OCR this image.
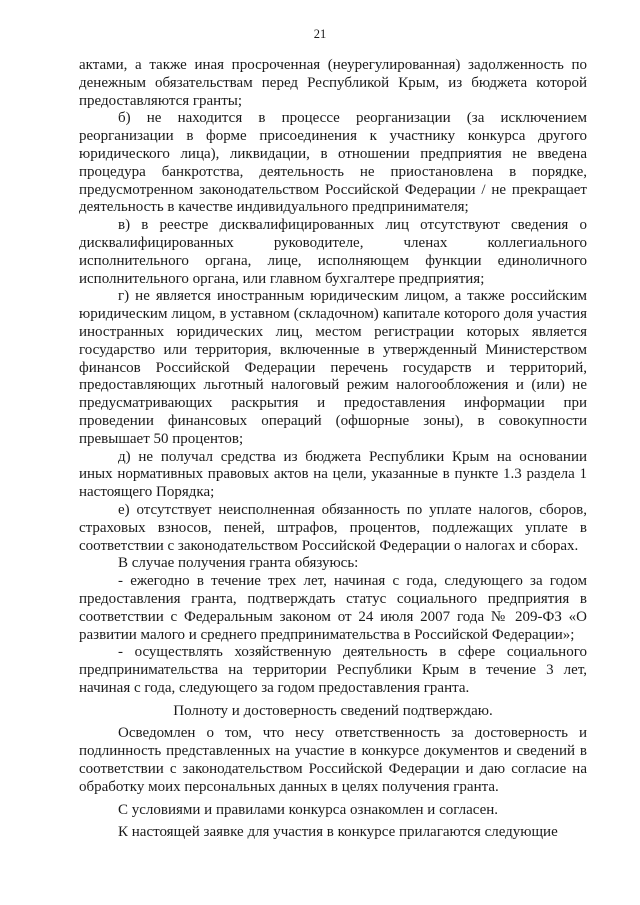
21

актами, а также иная просроченная (неурегулированная) задолженность по денежным обязательствам перед Республикой Крым, из бюджета которой предоставляются гранты;

б) не находится в процессе реорганизации (за исключением реорганизации в форме присоединения к участнику конкурса другого юридического лица), ликвидации, в отношении предприятия не введена процедура банкротства, деятельность не приостановлена в порядке, предусмотренном законодательством Российской Федерации / не прекращает деятельность в качестве индивидуального предпринимателя;

в) в реестре дисквалифицированных лиц отсутствуют сведения о дисквалифицированных руководителе, членах коллегиального исполнительного органа, лице, исполняющем функции единоличного исполнительного органа, или главном бухгалтере предприятия;

г) не является иностранным юридическим лицом, а также российским юридическим лицом, в уставном (складочном) капитале которого доля участия иностранных юридических лиц, местом регистрации которых является государство или территория, включенные в утвержденный Министерством финансов Российской Федерации перечень государств и территорий, предоставляющих льготный налоговый режим налогообложения и (или) не предусматривающих раскрытия и предоставления информации при проведении финансовых операций (офшорные зоны), в совокупности превышает 50 процентов;

д) не получал средства из бюджета Республики Крым на основании иных нормативных правовых актов на цели, указанные в пункте 1.3 раздела 1 настоящего Порядка;

е) отсутствует неисполненная обязанность по уплате налогов, сборов, страховых взносов, пеней, штрафов, процентов, подлежащих уплате в соответствии с законодательством Российской Федерации о налогах и сборах.

В случае получения гранта обязуюсь:

- ежегодно в течение трех лет, начиная с года, следующего за годом предоставления гранта, подтверждать статус социального предприятия в соответствии с Федеральным законом от 24 июля 2007 года № 209-ФЗ «О развитии малого и среднего предпринимательства в Российской Федерации»;

- осуществлять хозяйственную деятельность в сфере социального предпринимательства на территории Республики Крым в течение 3 лет, начиная с года, следующего за годом предоставления гранта.

Полноту и достоверность сведений подтверждаю.

Осведомлен о том, что несу ответственность за достоверность и подлинность представленных на участие в конкурсе документов и сведений в соответствии с законодательством Российской Федерации и даю согласие на обработку моих персональных данных в целях получения гранта.

С условиями и правилами конкурса ознакомлен и согласен.

К настоящей заявке для участия в конкурсе прилагаются следующие
